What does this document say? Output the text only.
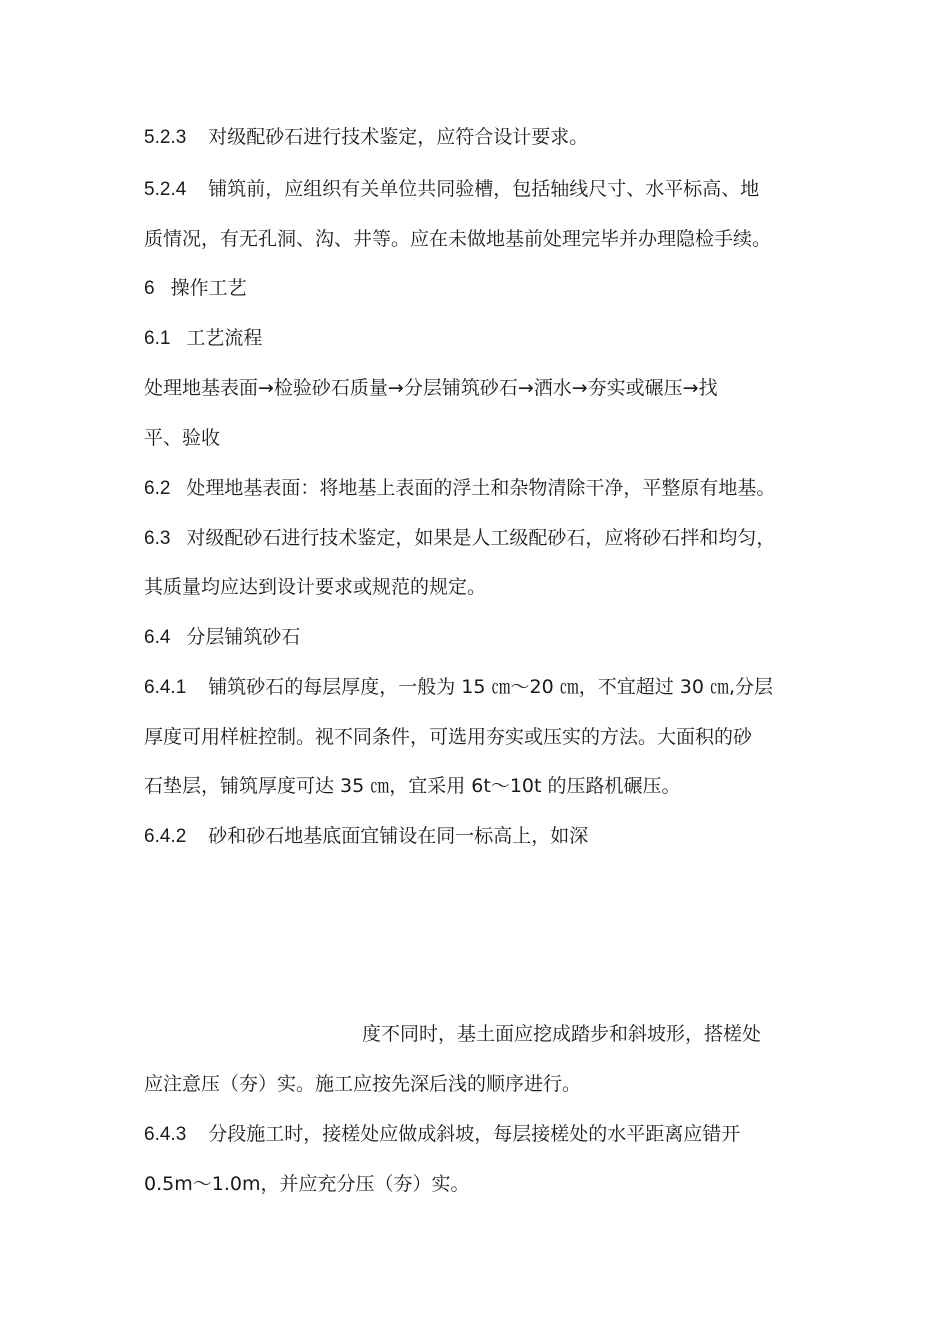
5.2.3 对级配砂石进行技术鉴定，应符合设计要求。
5.2.4 铺筑前，应组织有关单位共同验槽，包括轴线尺寸、水平标高、地
质情况，有无孔洞、沟、井等。应在未做地基前处理完毕并办理隐检手续。
6 操作工艺
6.1 工艺流程
处理地基表面→检验砂石质量→分层铺筑砂石→洒水→夯实或碾压→找
平、验收
6.2 处理地基表面：将地基上表面的浮土和杂物清除干净，平整原有地基。
6.3 对级配砂石进行技术鉴定，如果是人工级配砂石，应将砂石拌和均匀，
其质量均应达到设计要求或规范的规定。
6.4 分层铺筑砂石
6.4.1 铺筑砂石的每层厚度，一般为 15 ㎝～20 ㎝，不宜超过 30 ㎝,分层
厚度可用样桩控制。视不同条件，可选用夯实或压实的方法。大面积的砂
石垫层，铺筑厚度可达 35 ㎝，宜采用 6t～10t 的压路机碾压。
6.4.2 砂和砂石地基底面宜铺设在同一标高上，如深
度不同时，基土面应挖成踏步和斜坡形，搭槎处
应注意压（夯）实。施工应按先深后浅的顺序进行。
6.4.3 分段施工时，接槎处应做成斜坡，每层接槎处的水平距离应错开
0.5m～1.0m，并应充分压（夯）实。
